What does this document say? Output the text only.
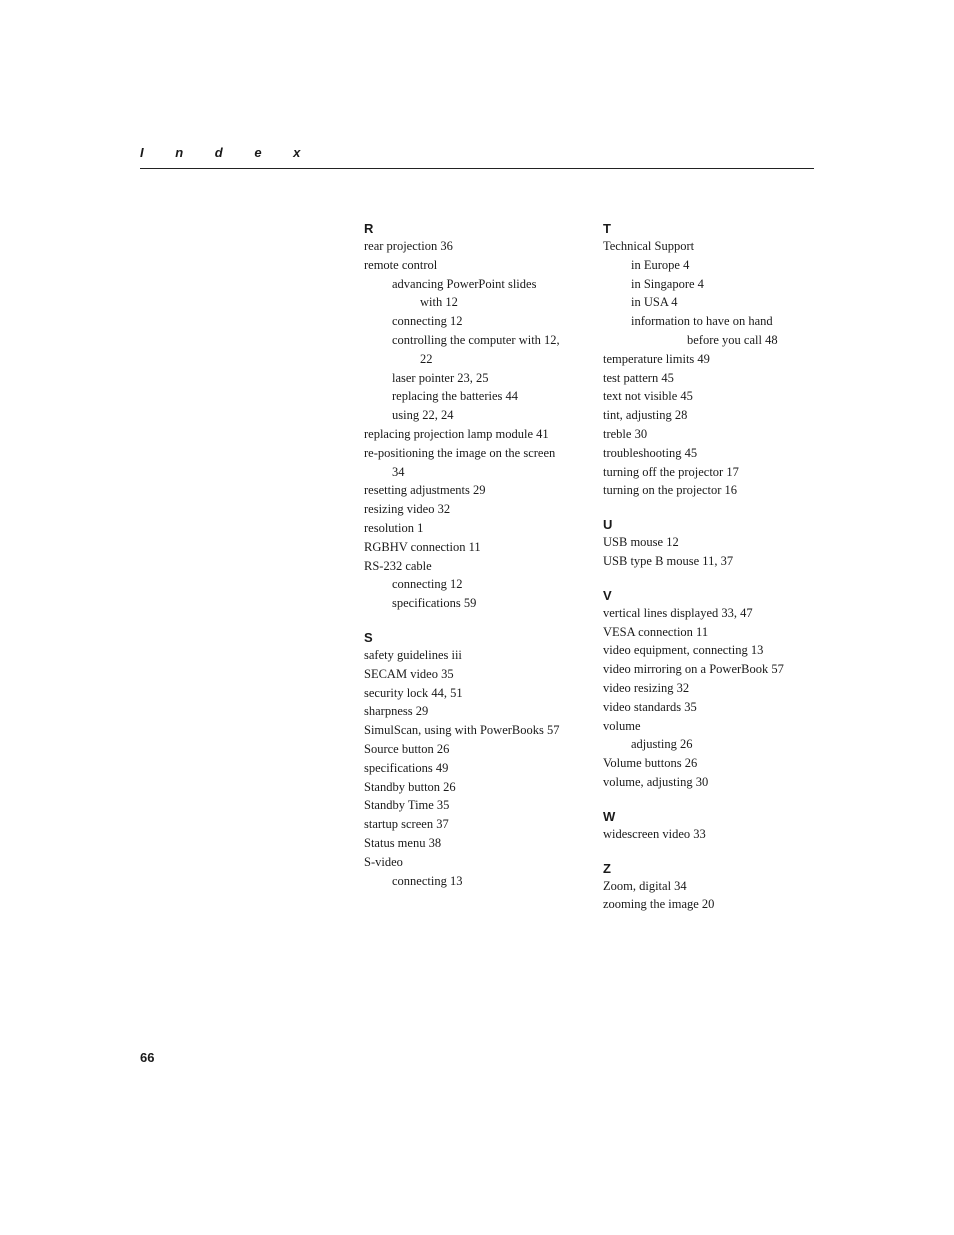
I n d e x
R
rear projection 36
remote control
advancing PowerPoint slides
with 12
connecting 12
controlling the computer with 12,
22
laser pointer 23, 25
replacing the batteries 44
using 22, 24
replacing projection lamp module 41
re-positioning the image on the screen
34
resetting adjustments 29
resizing video 32
resolution 1
RGBHV connection 11
RS-232 cable
connecting 12
specifications 59
S
safety guidelines iii
SECAM video 35
security lock 44, 51
sharpness 29
SimulScan, using with PowerBooks 57
Source button 26
specifications 49
Standby button 26
Standby Time 35
startup screen 37
Status menu 38
S-video
connecting 13
T
Technical Support
in Europe 4
in Singapore 4
in USA 4
information to have on hand
before you call 48
temperature limits 49
test pattern 45
text not visible 45
tint, adjusting 28
treble 30
troubleshooting 45
turning off the projector 17
turning on the projector 16
U
USB mouse 12
USB type B mouse 11, 37
V
vertical lines displayed 33, 47
VESA connection 11
video equipment, connecting 13
video mirroring on a PowerBook 57
video resizing 32
video standards 35
volume
adjusting 26
Volume buttons 26
volume, adjusting 30
W
widescreen video 33
Z
Zoom, digital 34
zooming the image 20
66
